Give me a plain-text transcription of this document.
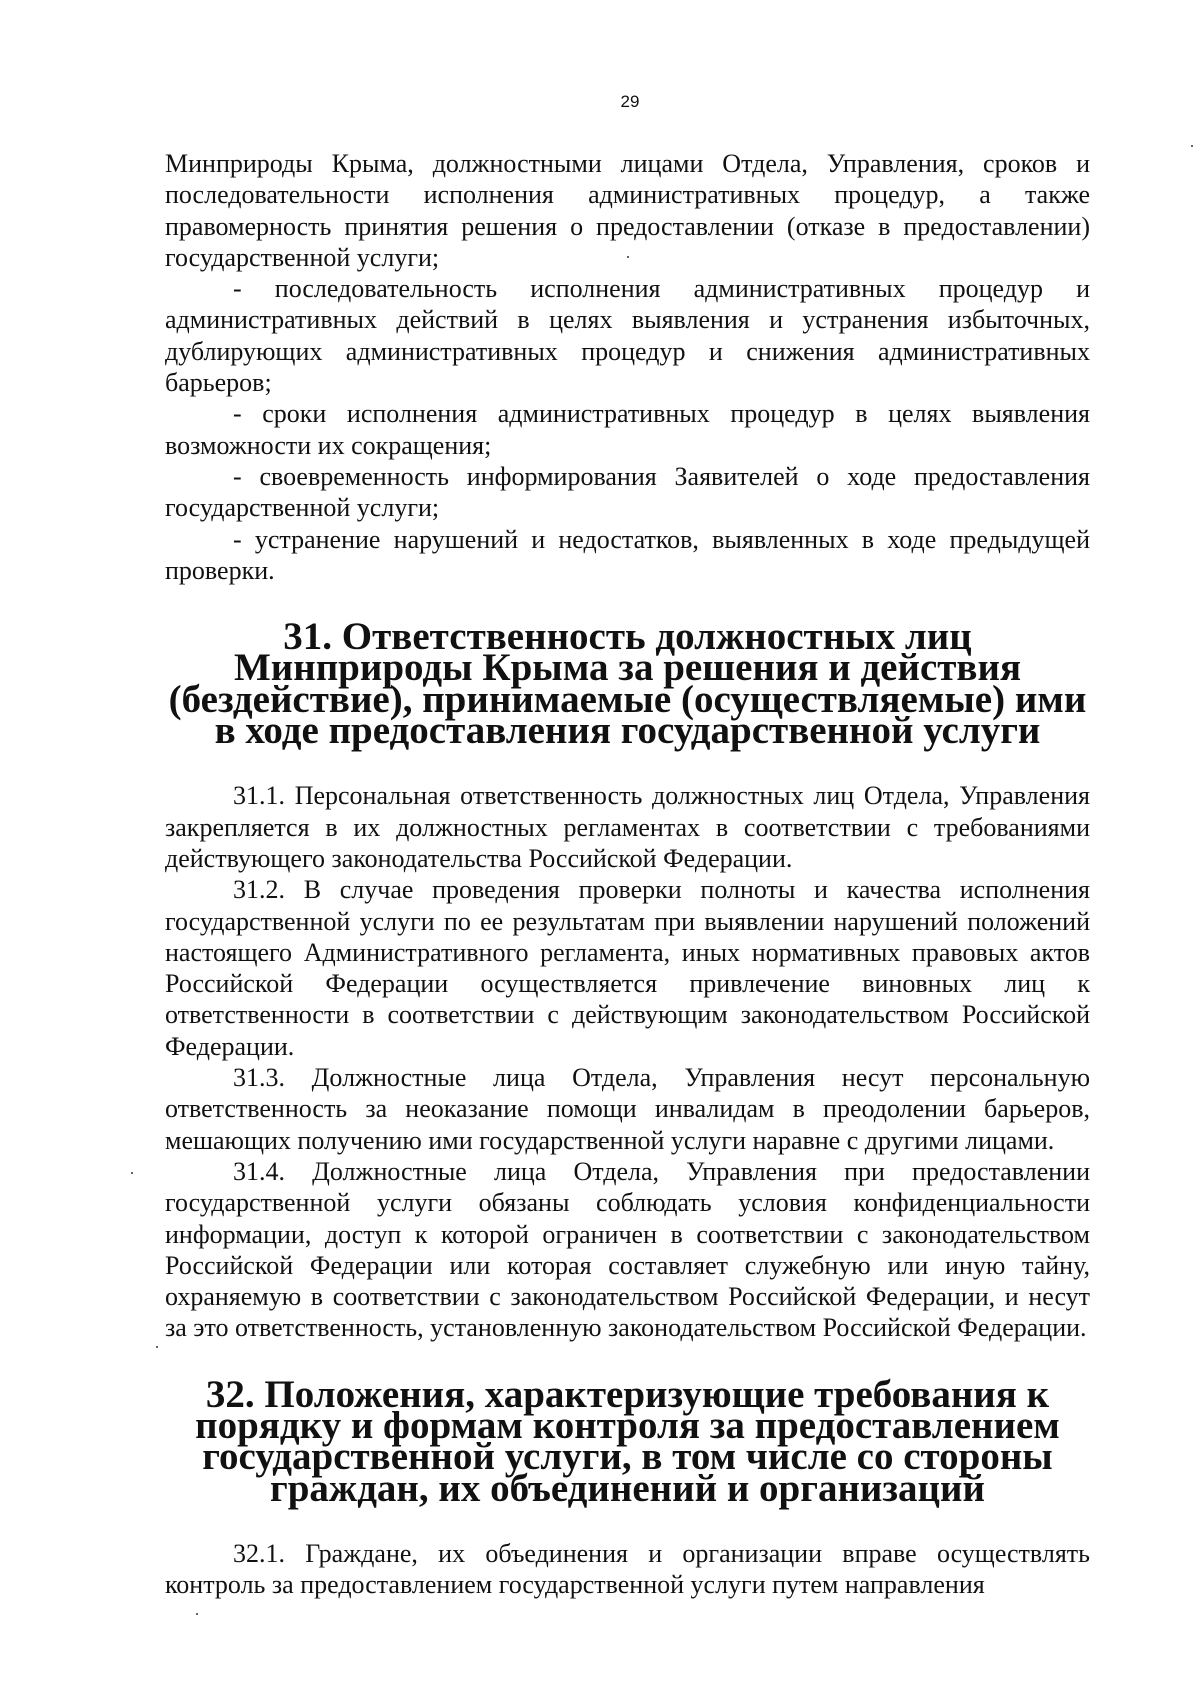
29

Минприроды Крыма, должностными лицами Отдела, Управления, сроков и последовательности исполнения административных процедур, а также правомерность принятия решения о предоставлении (отказе в предоставлении) государственной услуги;

- последовательность исполнения административных процедур и административных действий в целях выявления и устранения избыточных, дублирующих административных процедур и снижения административных барьеров;

- сроки исполнения административных процедур в целях выявления возможности их сокращения;

- своевременность информирования Заявителей о ходе предоставления государственной услуги;

- устранение нарушений и недостатков, выявленных в ходе предыдущей проверки.

31. Ответственность должностных лиц Минприроды Крыма за решения и действия (бездействие), принимаемые (осуществляемые) ими в ходе предоставления государственной услуги

31.1. Персональная ответственность должностных лиц Отдела, Управления закрепляется в их должностных регламентах в соответствии с требованиями действующего законодательства Российской Федерации.

31.2. В случае проведения проверки полноты и качества исполнения государственной услуги по ее результатам при выявлении нарушений положений настоящего Административного регламента, иных нормативных правовых актов Российской Федерации осуществляется привлечение виновных лиц к ответственности в соответствии с действующим законодательством Российской Федерации.

31.3. Должностные лица Отдела, Управления несут персональную ответственность за неоказание помощи инвалидам в преодолении барьеров, мешающих получению ими государственной услуги наравне с другими лицами.

31.4. Должностные лица Отдела, Управления при предоставлении государственной услуги обязаны соблюдать условия конфиденциальности информации, доступ к которой ограничен в соответствии с законодательством Российской Федерации или которая составляет служебную или иную тайну, охраняемую в соответствии с законодательством Российской Федерации, и несут за это ответственность, установленную законодательством Российской Федерации.

32. Положения, характеризующие требования к порядку и формам контроля за предоставлением государственной услуги, в том числе со стороны граждан, их объединений и организаций

32.1. Граждане, их объединения и организации вправе осуществлять контроль за предоставлением государственной услуги путем направления
